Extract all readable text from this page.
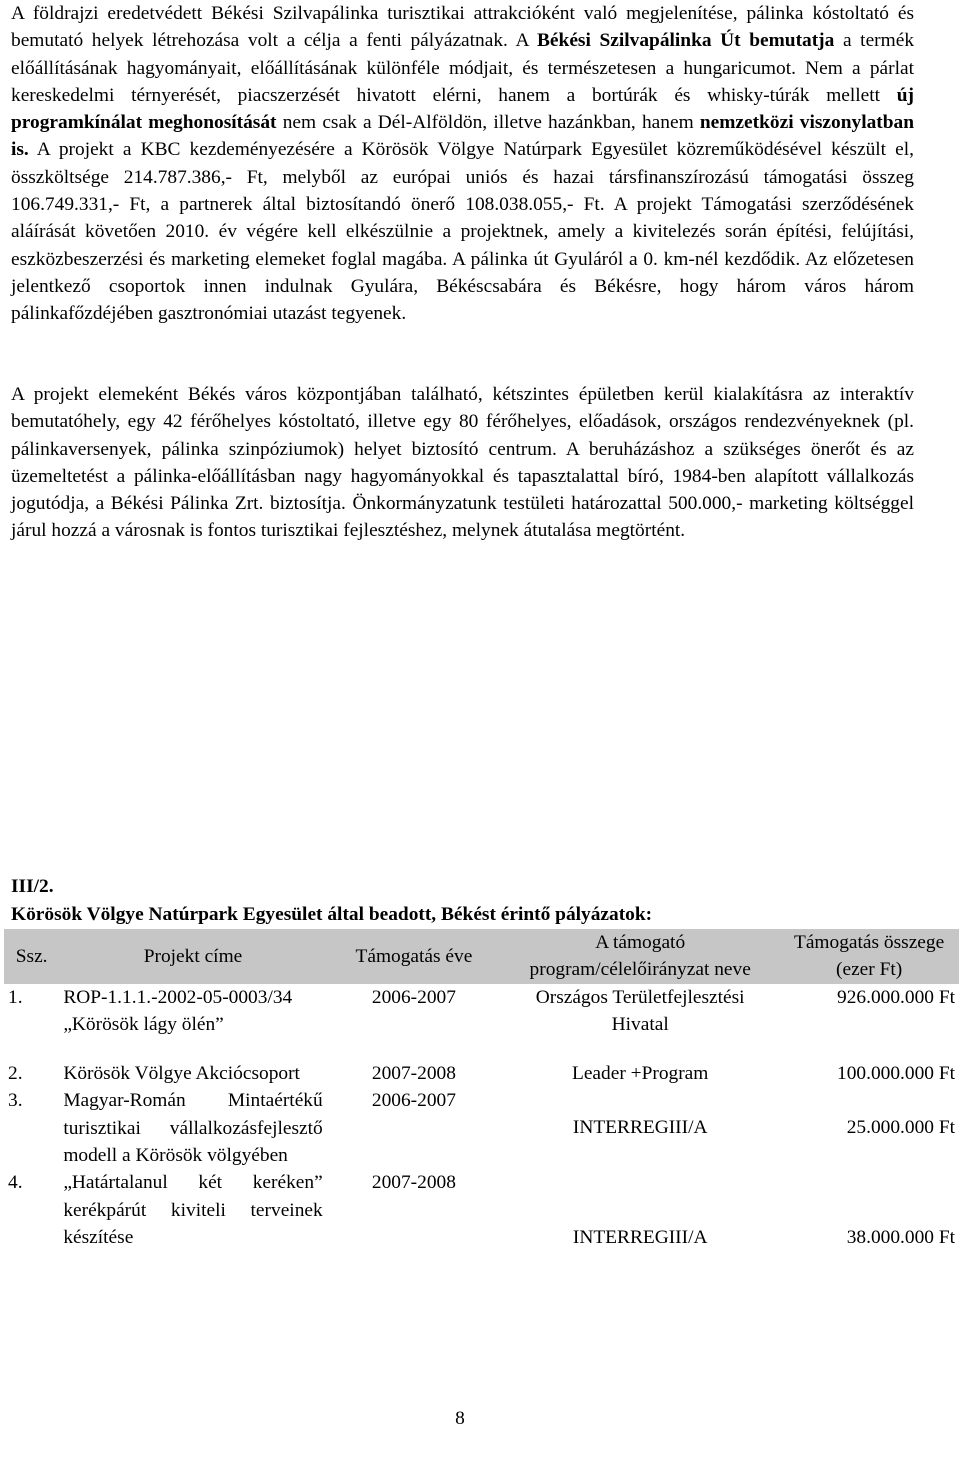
A földrajzi eredetvédett Békési Szilvapálinka turisztikai attrakcióként való megjelenítése, pálinka kóstoltató és bemutató helyek létrehozása volt a célja a fenti pályázatnak. A Békési Szilvapálinka Út bemutatja a termék előállításának hagyományait, előállításának különféle módjait, és természetesen a hungaricumot. Nem a párlat kereskedelmi térnyerését, piacszerzését hivatott elérni, hanem a bortúrák és whisky-túrák mellett új programkínálat meghonosítását nem csak a Dél-Alföldön, illetve hazánkban, hanem nemzetközi viszonylatban is. A projekt a KBC kezdeményezésére a Körösök Völgye Natúrpark Egyesület közreműködésével készült el, összköltsége 214.787.386,- Ft, melyből az európai uniós és hazai társfinanszírozású támogatási összeg 106.749.331,- Ft, a partnerek által biztosítandó önerő 108.038.055,- Ft. A projekt Támogatási szerződésének aláírását követően 2010. év végére kell elkészülnie a projektnek, amely a kivitelezés során építési, felújítási, eszközbeszerzési és marketing elemeket foglal magába. A pálinka út Gyuláról a 0. km-nél kezdődik. Az előzetesen jelentkező csoportok innen indulnak Gyulára, Békéscsabára és Békésre, hogy három város három pálinkafőzdéjében gasztronómiai utazást tegyenek.

A projekt elemeként Békés város központjában található, kétszintes épületben kerül kialakításra az interaktív bemutatóhely, egy 42 férőhelyes kóstoltató, illetve egy 80 férőhelyes, előadások, országos rendezvényeknek (pl. pálinkaversenyek, pálinka szinpóziumok) helyet biztosító centrum. A beruházáshoz a szükséges önerőt és az üzemeltetést a pálinka-előállításban nagy hagyományokkal és tapasztalattal bíró, 1984-ben alapított vállalkozás jogutódja, a Békési Pálinka Zrt. biztosítja. Önkormányzatunk testületi határozattal 500.000,- marketing költséggel járul hozzá a városnak is fontos turisztikai fejlesztéshez, melynek átutalása megtörtént.

III/2.
Körösök Völgye Natúrpark Egyesület által beadott, Békést érintő pályázatok:
Ssz.	Projekt címe	Támogatás éve	A támogató program/célelőirányzat neve	Támogatás összege (ezer Ft)
1.	ROP-1.1.1.-2002-05-0003/34 „Körösök lágy ölén”	2006-2007	Országos Területfejlesztési Hivatal	926.000.000 Ft

2.	Körösök Völgye Akciócsoport	2007-2008	Leader +Program	100.000.000 Ft
3.	Magyar-Román Mintaértékű turisztikai vállalkozásfejlesztő modell a Körösök völgyében	2006-2007	INTERREGIII/A	25.000.000 Ft
4.	„Határtalanul két keréken” kerékpárút kiviteli terveinek készítése	2007-2008	INTERREGIII/A	38.000.000 Ft
8
